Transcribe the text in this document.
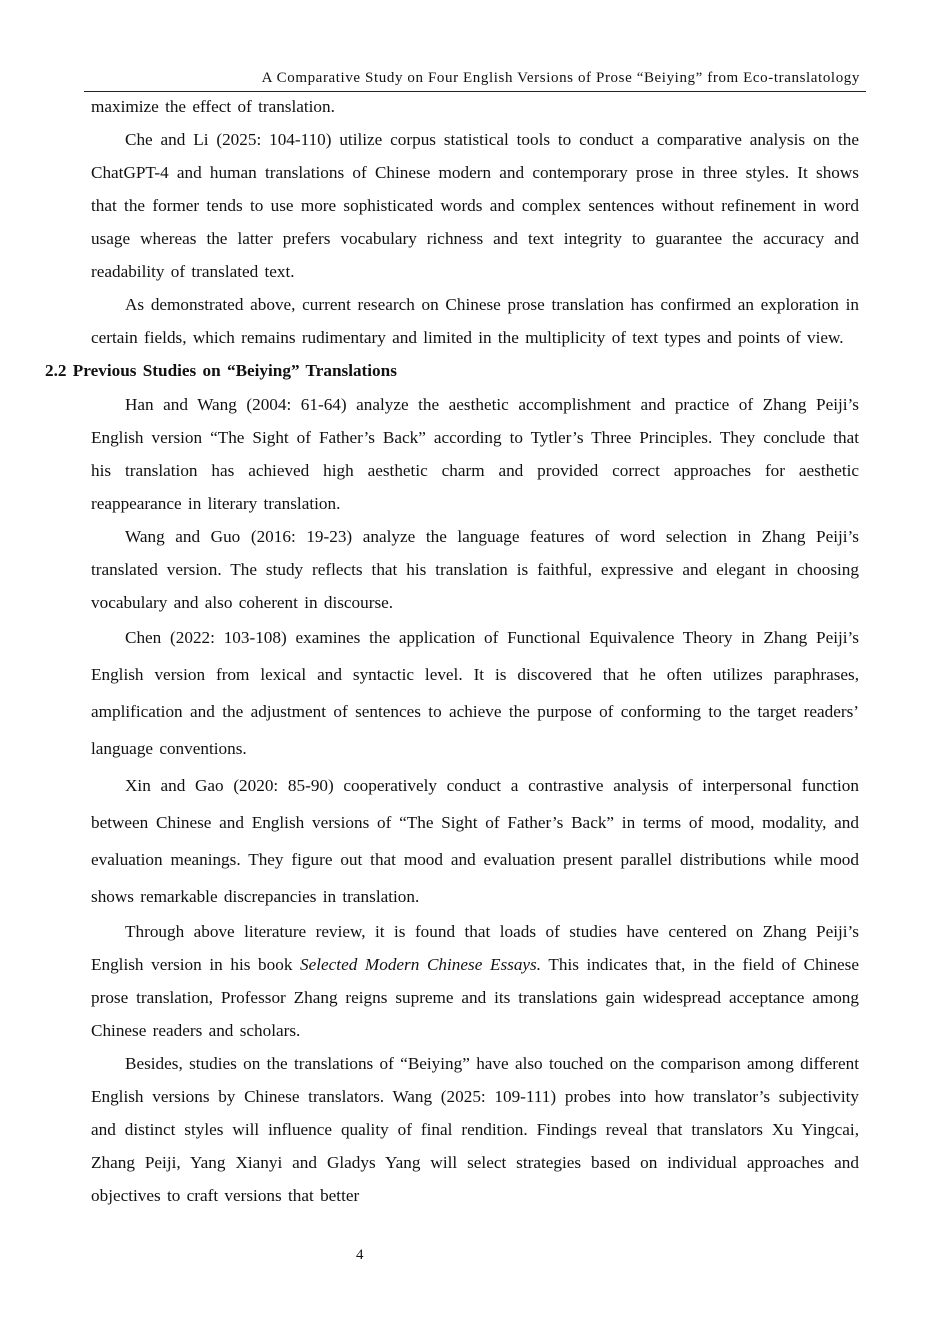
A Comparative Study on Four English Versions of Prose “Beiying” from Eco-translatology

maximize the effect of translation.

Che and Li (2025: 104-110) utilize corpus statistical tools to conduct a comparative analysis on the ChatGPT-4 and human translations of Chinese modern and contemporary prose in three styles. It shows that the former tends to use more sophisticated words and complex sentences without refinement in word usage whereas the latter prefers vocabulary richness and text integrity to guarantee the accuracy and readability of translated text.

As demonstrated above, current research on Chinese prose translation has confirmed an exploration in certain fields, which remains rudimentary and limited in the multiplicity of text types and points of view.

2.2 Previous Studies on “Beiying” Translations

Han and Wang (2004: 61-64) analyze the aesthetic accomplishment and practice of Zhang Peiji’s English version “The Sight of Father’s Back” according to Tytler’s Three Principles. They conclude that his translation has achieved high aesthetic charm and provided correct approaches for aesthetic reappearance in literary translation.

Wang and Guo (2016: 19-23) analyze the language features of word selection in Zhang Peiji’s translated version. The study reflects that his translation is faithful, expressive and elegant in choosing vocabulary and also coherent in discourse.

Chen (2022: 103-108) examines the application of Functional Equivalence Theory in Zhang Peiji’s English version from lexical and syntactic level. It is discovered that he often utilizes paraphrases, amplification and the adjustment of sentences to achieve the purpose of conforming to the target readers’ language conventions.

Xin and Gao (2020: 85-90) cooperatively conduct a contrastive analysis of interpersonal function between Chinese and English versions of “The Sight of Father’s Back” in terms of mood, modality, and evaluation meanings. They figure out that mood and evaluation present parallel distributions while mood shows remarkable discrepancies in translation.

Through above literature review, it is found that loads of studies have centered on Zhang Peiji’s English version in his book Selected Modern Chinese Essays. This indicates that, in the field of Chinese prose translation, Professor Zhang reigns supreme and its translations gain widespread acceptance among Chinese readers and scholars.

Besides, studies on the translations of “Beiying” have also touched on the comparison among different English versions by Chinese translators. Wang (2025: 109-111) probes into how translator’s subjectivity and distinct styles will influence quality of final rendition. Findings reveal that translators Xu Yingcai, Zhang Peiji, Yang Xianyi and Gladys Yang will select strategies based on individual approaches and objectives to craft versions that better

4
